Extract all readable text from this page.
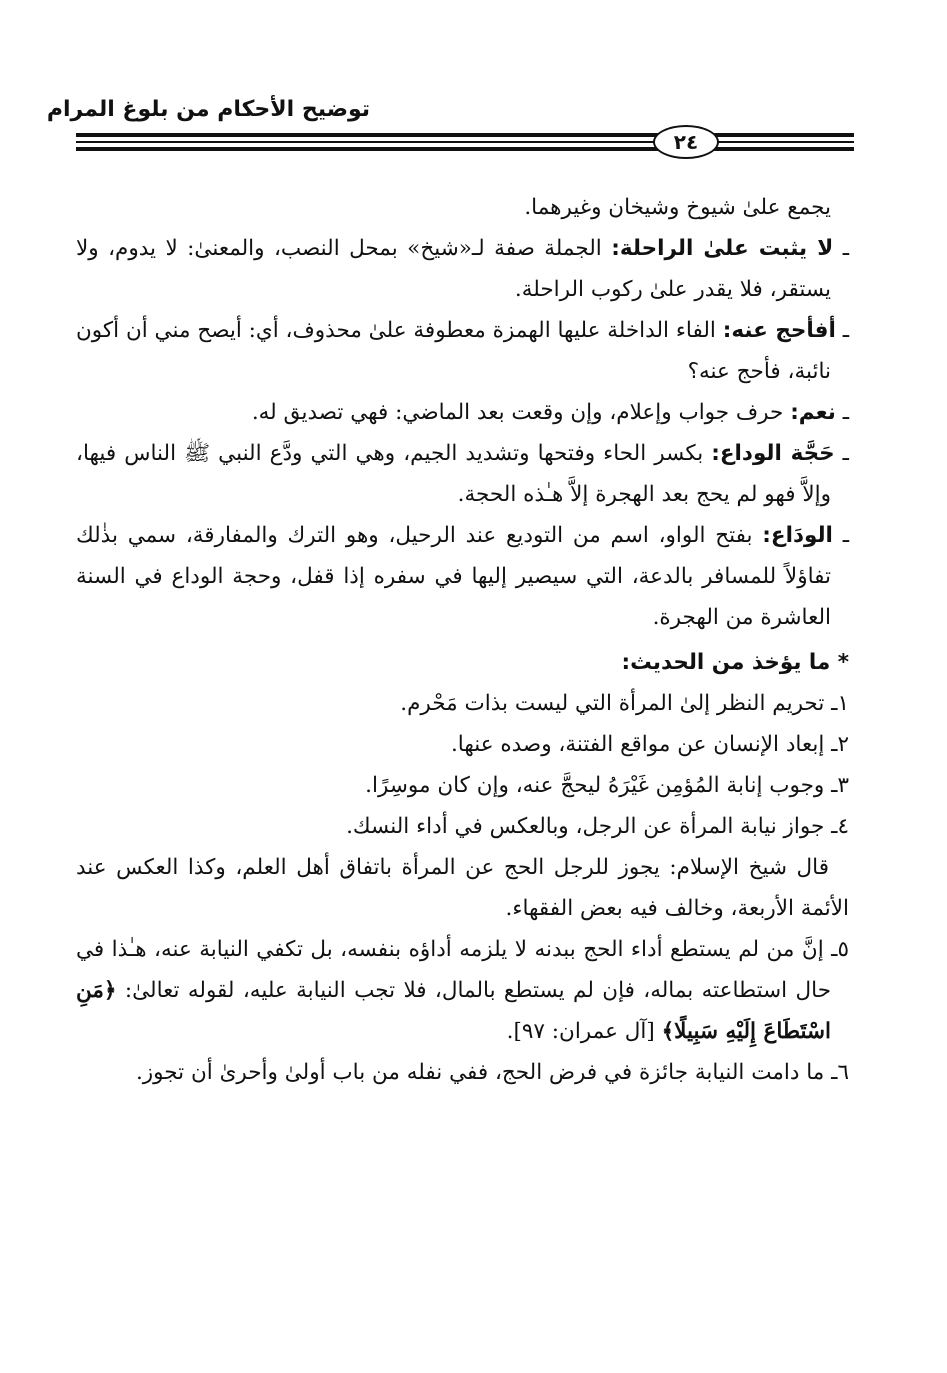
توضيح الأحكام من بلوغ المرام
٢٤

يجمع علىٰ شيوخ وشيخان وغيرهما.

ـ لا يثبت علىٰ الراحلة: الجملة صفة لـ«شيخ» بمحل النصب، والمعنىٰ: لا يدوم، ولا يستقر، فلا يقدر علىٰ ركوب الراحلة.

ـ أفأحج عنه: الفاء الداخلة عليها الهمزة معطوفة علىٰ محذوف، أي: أيصح مني أن أكون نائبة، فأحج عنه؟

ـ نعم: حرف جواب وإعلام، وإن وقعت بعد الماضي: فهي تصديق له.

ـ حَجَّة الوداع: بكسر الحاء وفتحها وتشديد الجيم، وهي التي ودَّع النبي ﷺ الناس فيها، وإلاَّ فهو لم يحج بعد الهجرة إلاَّ هـٰذه الحجة.

ـ الودَاع: بفتح الواو، اسم من التوديع عند الرحيل، وهو الترك والمفارقة، سمي بذٰلك تفاؤلاً للمسافر بالدعة، التي سيصير إليها في سفره إذا قفل، وحجة الوداع في السنة العاشرة من الهجرة.

* ما يؤخذ من الحديث:

١ـ تحريم النظر إلىٰ المرأة التي ليست بذات مَحْرم.

٢ـ إبعاد الإنسان عن مواقع الفتنة، وصده عنها.

٣ـ وجوب إنابة المُؤمِن غَيْرَهُ ليحجَّ عنه، وإن كان موسِرًا.

٤ـ جواز نيابة المرأة عن الرجل، وبالعكس في أداء النسك.

قال شيخ الإسلام: يجوز للرجل الحج عن المرأة باتفاق أهل العلم، وكذا العكس عند الأئمة الأربعة، وخالف فيه بعض الفقهاء.

٥ـ إنَّ من لم يستطع أداء الحج ببدنه لا يلزمه أداؤه بنفسه، بل تكفي النيابة عنه، هـٰذا في حال استطاعته بماله، فإن لم يستطع بالمال، فلا تجب النيابة عليه، لقوله تعالىٰ: ﴿مَنِ اسْتَطَاعَ إِلَيْهِ سَبِيلًا﴾ [آل عمران: ٩٧].

٦ـ ما دامت النيابة جائزة في فرض الحج، ففي نفله من باب أولىٰ وأحرىٰ أن تجوز.
